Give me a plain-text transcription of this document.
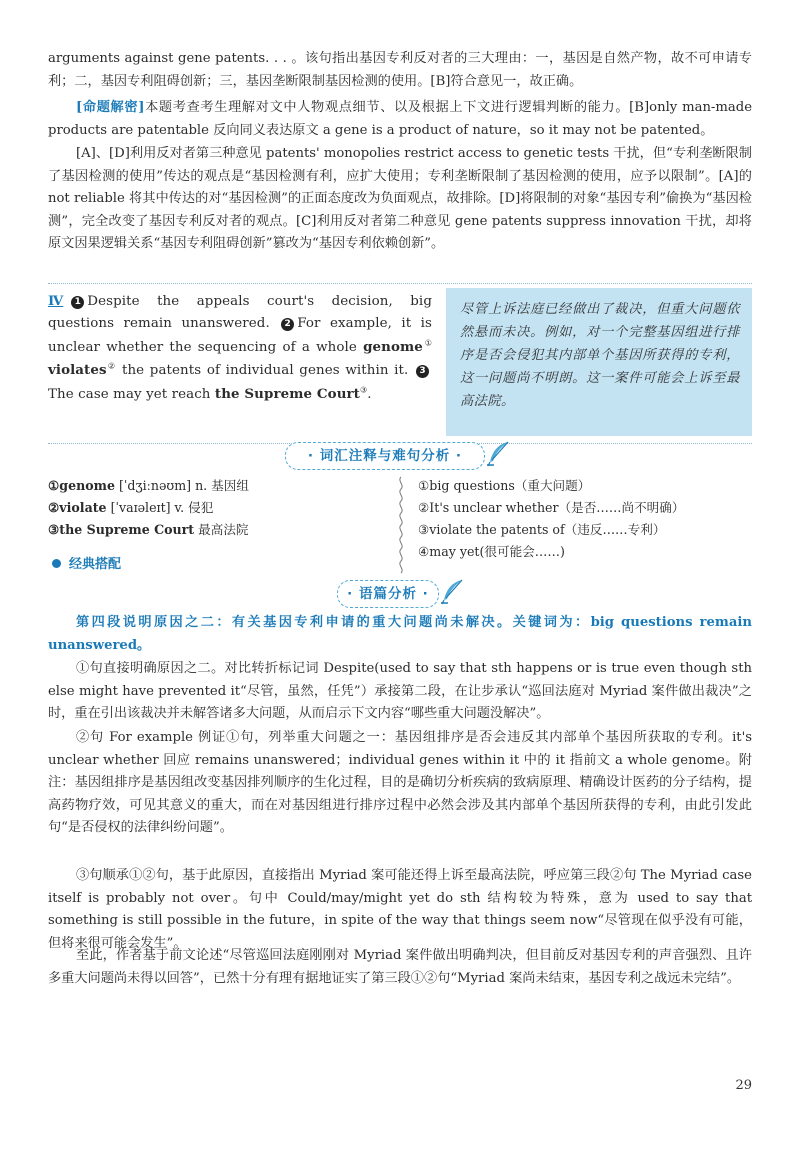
arguments against gene patents. . . 。该句指出基因专利反对者的三大理由：一，基因是自然产物，故不可申请专利；二，基因专利阻碍创新；三，基因垄断限制基因检测的使用。[B]符合意见一，故正确。

[命题解密]本题考查考生理解对文中人物观点细节、以及根据上下文进行逻辑判断的能力。[B]only man-made products are patentable 反向同义表达原文 a gene is a product of nature，so it may not be patented。

[A]、[D]利用反对者第三种意见 patents' monopolies restrict access to genetic tests 干扰，但“专利垄断限制了基因检测的使用”传达的观点是“基因检测有利，应扩大使用；专利垄断限制了基因检测的使用，应予以限制”。[A]的 not reliable 将其中传达的对“基因检测”的正面态度改为负面观点，故排除。[D]将限制的对象“基因专利”偷换为“基因检测”，完全改变了基因专利反对者的观点。[C]利用反对者第二种意见 gene patents suppress innovation 干扰，却将原文因果逻辑关系“基因专利阻碍创新”篡改为“基因专利依赖创新”。

Ⅳ 1 Despite the appeals court's decision, big questions remain unanswered. 2 For example, it is unclear whether the sequencing of a whole genome① violates② the patents of individual genes within it. 3The case may yet reach the Supreme Court③.

尽管上诉法庭已经做出了裁决，但重大问题依然悬而未决。例如，对一个完整基因组进行排序是否会侵犯其内部单个基因所获得的专利，这一问题尚不明朗。这一案件可能会上诉至最高法院。
· 词汇注释与难句分析 ·

①genome [ˈdʒiːnəʊm] n. 基因组

②violate [ˈvaɪəleɪt] v. 侵犯

③the Supreme Court 最高法院

①big questions（重大问题）

②It's unclear whether（是否……尚不明确）

③violate the patents of（违反……专利）

④may yet(很可能会……)

经典搭配
· 语篇分析 ·

第四段说明原因之二：有关基因专利申请的重大问题尚未解决。关键词为：big questions remain unanswered。

①句直接明确原因之二。对比转折标记词 Despite(used to say that sth happens or is true even though sth else might have prevented it“尽管，虽然，任凭”）承接第二段，在让步承认“巡回法庭对 Myriad 案件做出裁决”之时，重在引出该裁决并未解答诸多大问题，从而启示下文内容“哪些重大问题没解决”。

②句 For example 例证①句，列举重大问题之一：基因组排序是否会违反其内部单个基因所获取的专利。it's unclear whether 回应 remains unanswered；individual genes within it 中的 it 指前文 a whole genome。附注：基因组排序是基因组改变基因排列顺序的生化过程，目的是确切分析疾病的致病原理、精确设计医药的分子结构，提高药物疗效，可见其意义的重大，而在对基因组进行排序过程中必然会涉及其内部单个基因所获得的专利，由此引发此句“是否侵权的法律纠纷问题”。

③句顺承①②句，基于此原因，直接指出 Myriad 案可能还得上诉至最高法院，呼应第三段②句 The Myriad case itself is probably not over。句中 Could/may/might yet do sth 结构较为特殊，意为 used to say that something is still possible in the future，in spite of the way that things seem now“尽管现在似乎没有可能，但将来很可能会发生”。

至此，作者基于前文论述“尽管巡回法庭刚刚对 Myriad 案件做出明确判决，但目前反对基因专利的声音强烈、且许多重大问题尚未得以回答”，已然十分有理有据地证实了第三段①②句“Myriad 案尚未结束，基因专利之战远未完结”。

29
